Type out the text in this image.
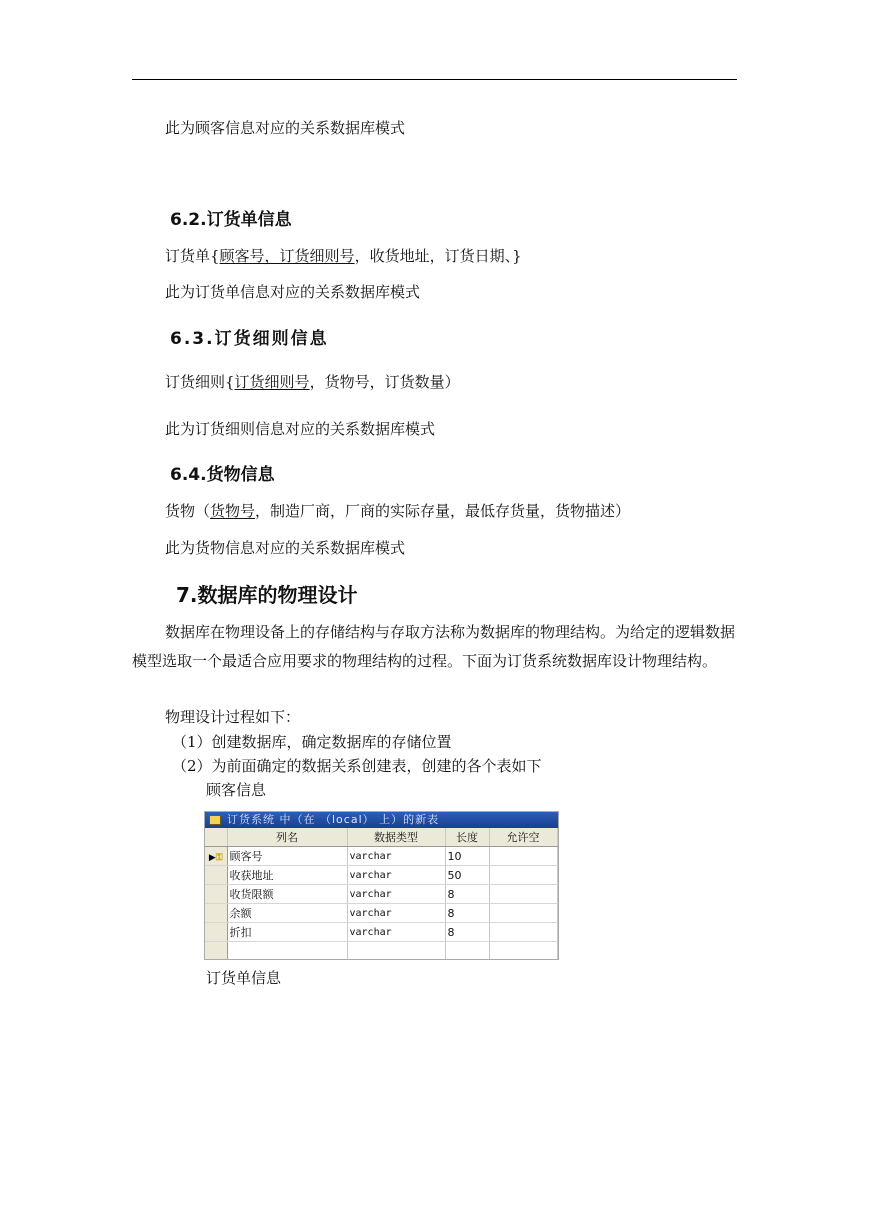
此为顾客信息对应的关系数据库模式
6.2.订货单信息
订货单{顾客号，订货细则号，收货地址，订货日期、}
此为订货单信息对应的关系数据库模式
6.3.订货细则信息
订货细则{订货细则号，货物号，订货数量）
此为订货细则信息对应的关系数据库模式
6.4.货物信息
货物（货物号，制造厂商，厂商的实际存量，最低存货量，货物描述）
此为货物信息对应的关系数据库模式
7.数据库的物理设计
数据库在物理设备上的存储结构与存取方法称为数据库的物理结构。为给定的逻辑数据模型选取一个最适合应用要求的物理结构的过程。下面为订货系统数据库设计物理结构。
物理设计过程如下：
（1）创建数据库，确定数据库的存储位置
（2）为前面确定的数据关系创建表，创建的各个表如下
顾客信息
订货系统 中（在 （local） 上）的新表
	列名	数据类型	长度	允许空
▶⚿	顾客号	varchar	10	
	收获地址	varchar	50	
	收货限额	varchar	8	
	余额	varchar	8	
	折扣	varchar	8	

订货单信息
